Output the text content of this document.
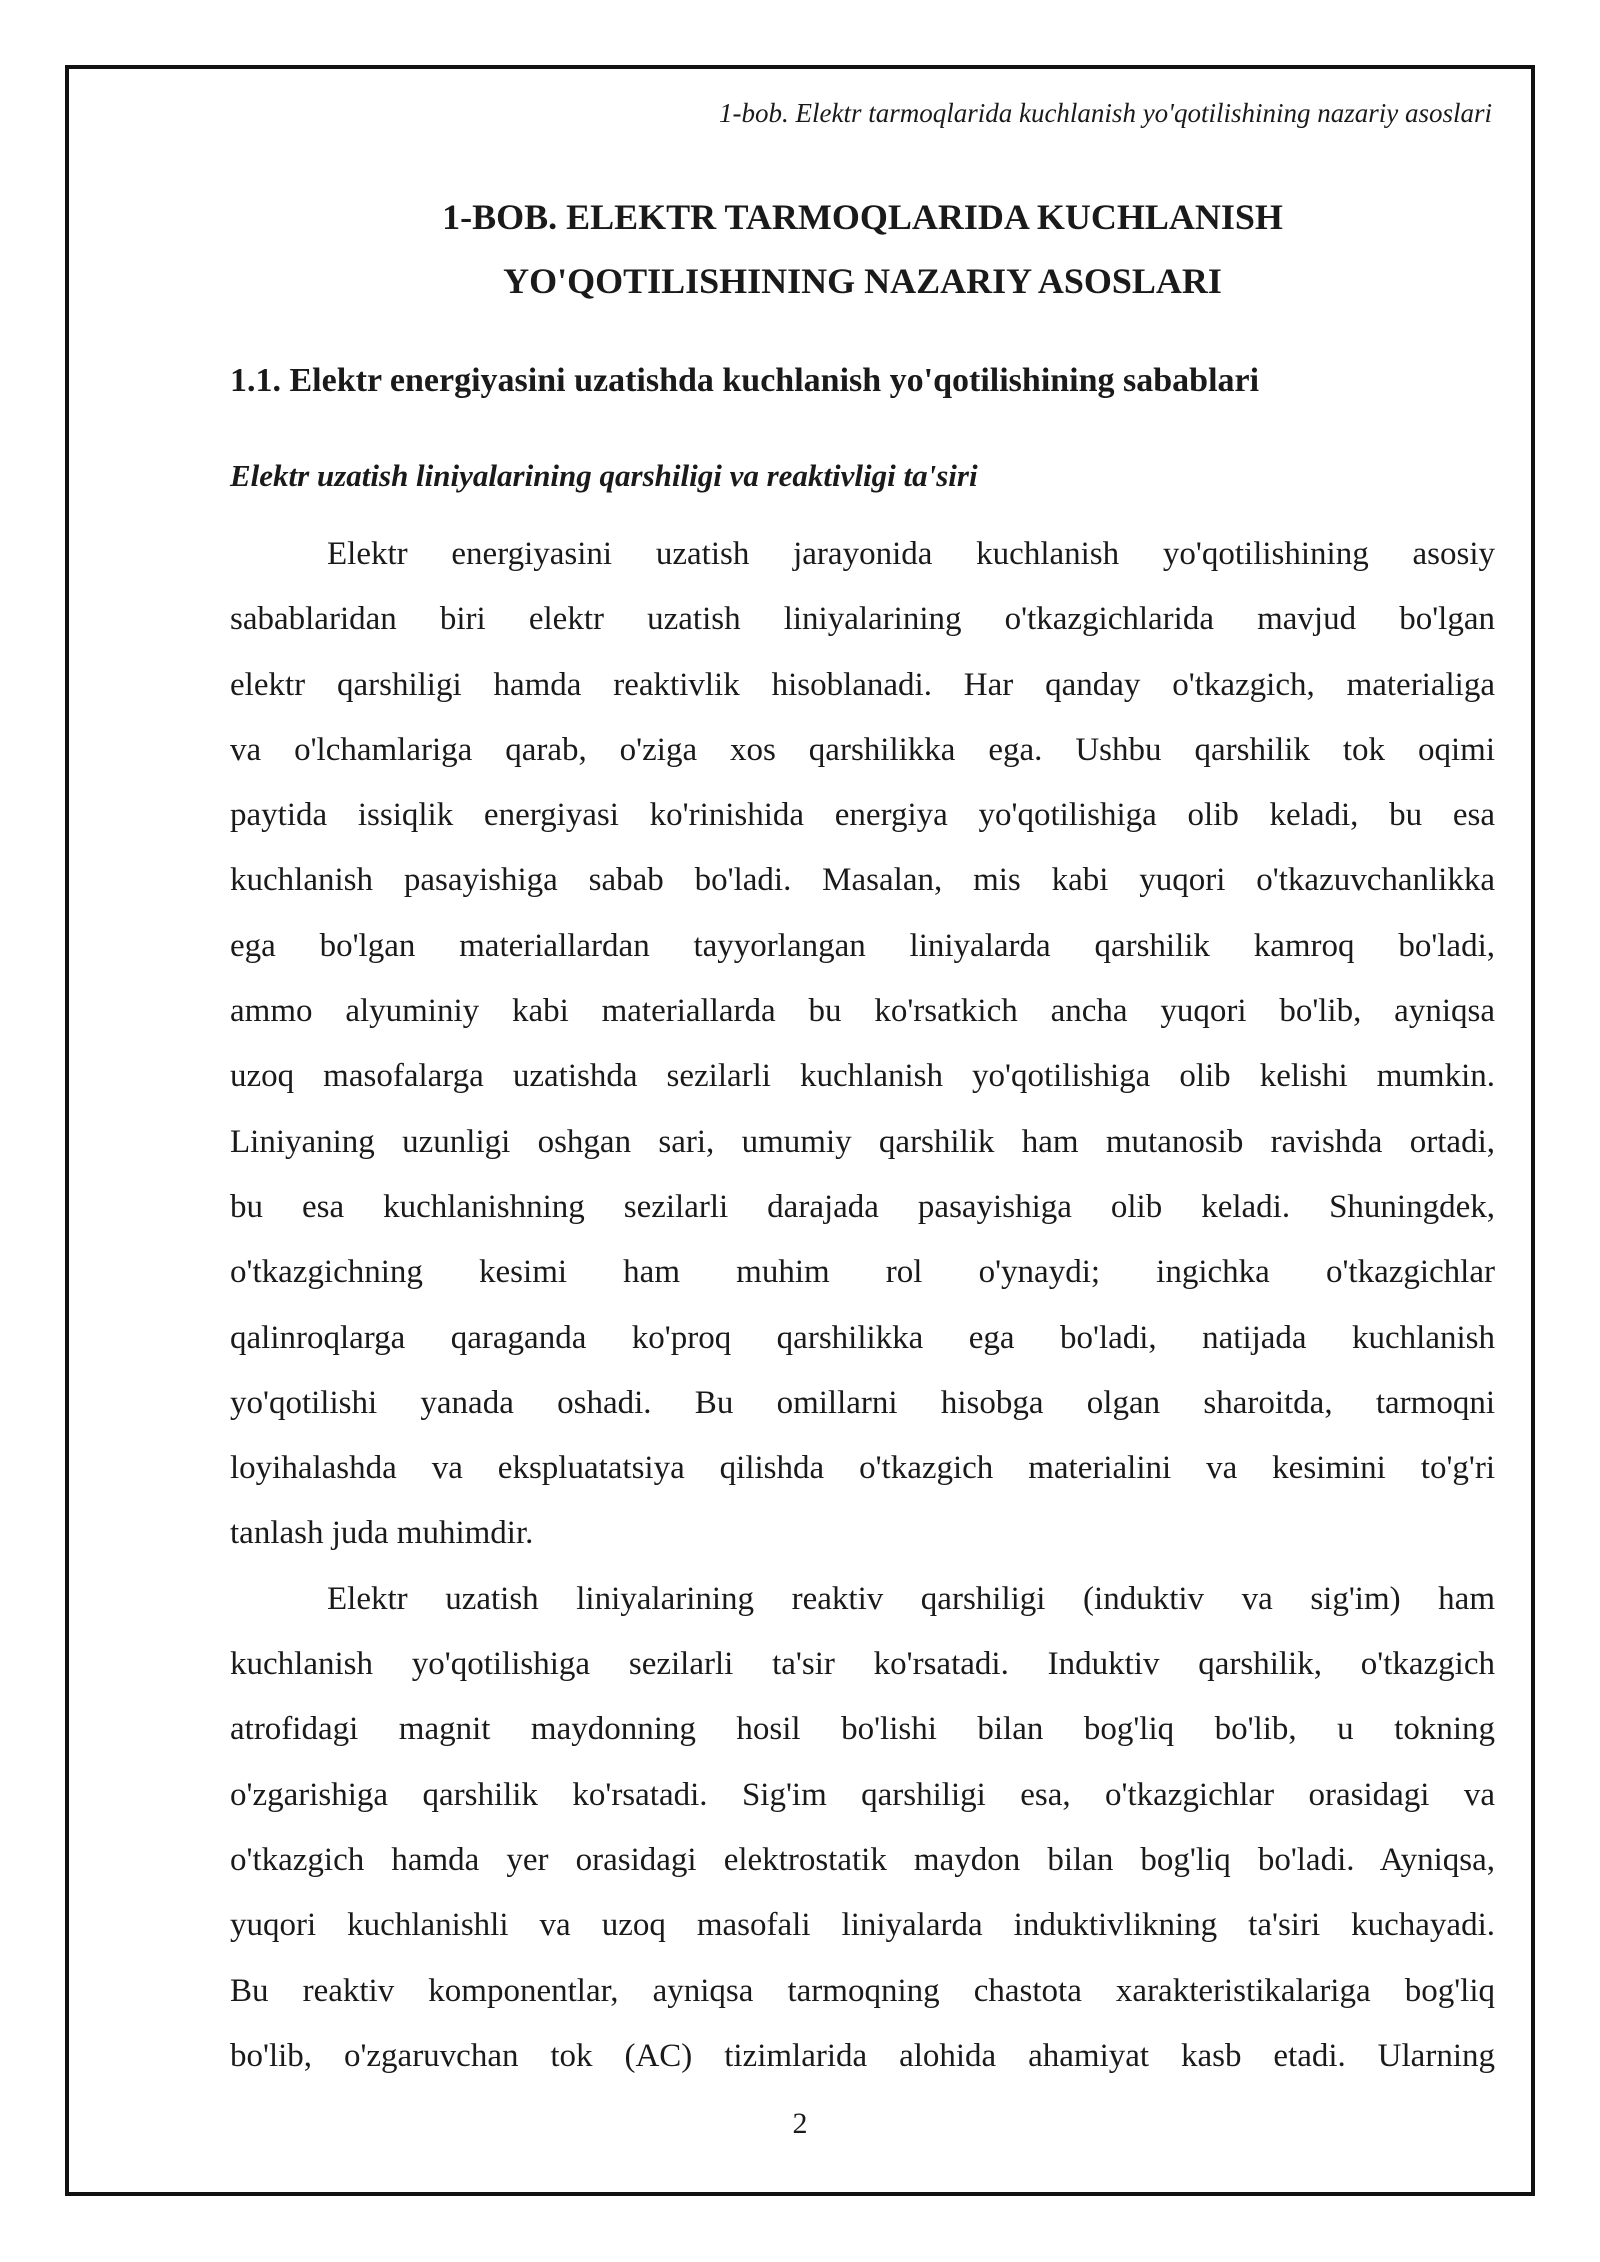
1-bob. Elektr tarmoqlarida kuchlanish yo'qotilishining nazariy asoslari
1-BOB. ELEKTR TARMOQLARIDA KUCHLANISH
YO'QOTILISHINING NAZARIY ASOSLARI
1.1. Elektr energiyasini uzatishda kuchlanish yo'qotilishining sabablari
Elektr uzatish liniyalarining qarshiligi va reaktivligi ta'siri
Elektr energiyasini uzatish jarayonida kuchlanish yo'qotilishining asosiy
sabablaridan biri elektr uzatish liniyalarining o'tkazgichlarida mavjud bo'lgan
elektr qarshiligi hamda reaktivlik hisoblanadi. Har qanday o'tkazgich, materialiga
va o'lchamlariga qarab, o'ziga xos qarshilikka ega. Ushbu qarshilik tok oqimi
paytida issiqlik energiyasi ko'rinishida energiya yo'qotilishiga olib keladi, bu esa
kuchlanish pasayishiga sabab bo'ladi. Masalan, mis kabi yuqori o'tkazuvchanlikka
ega bo'lgan materiallardan tayyorlangan liniyalarda qarshilik kamroq bo'ladi,
ammo alyuminiy kabi materiallarda bu ko'rsatkich ancha yuqori bo'lib, ayniqsa
uzoq masofalarga uzatishda sezilarli kuchlanish yo'qotilishiga olib kelishi mumkin.
Liniyaning uzunligi oshgan sari, umumiy qarshilik ham mutanosib ravishda ortadi,
bu esa kuchlanishning sezilarli darajada pasayishiga olib keladi. Shuningdek,
o'tkazgichning kesimi ham muhim rol o'ynaydi; ingichka o'tkazgichlar
qalinroqlarga qaraganda ko'proq qarshilikka ega bo'ladi, natijada kuchlanish
yo'qotilishi yanada oshadi. Bu omillarni hisobga olgan sharoitda, tarmoqni
loyihalashda va ekspluatatsiya qilishda o'tkazgich materialini va kesimini to'g'ri
tanlash juda muhimdir.
Elektr uzatish liniyalarining reaktiv qarshiligi (induktiv va sig'im) ham
kuchlanish yo'qotilishiga sezilarli ta'sir ko'rsatadi. Induktiv qarshilik, o'tkazgich
atrofidagi magnit maydonning hosil bo'lishi bilan bog'liq bo'lib, u tokning
o'zgarishiga qarshilik ko'rsatadi. Sig'im qarshiligi esa, o'tkazgichlar orasidagi va
o'tkazgich hamda yer orasidagi elektrostatik maydon bilan bog'liq bo'ladi. Ayniqsa,
yuqori kuchlanishli va uzoq masofali liniyalarda induktivlikning ta'siri kuchayadi.
Bu reaktiv komponentlar, ayniqsa tarmoqning chastota xarakteristikalariga bog'liq
bo'lib, o'zgaruvchan tok (AC) tizimlarida alohida ahamiyat kasb etadi. Ularning
2
